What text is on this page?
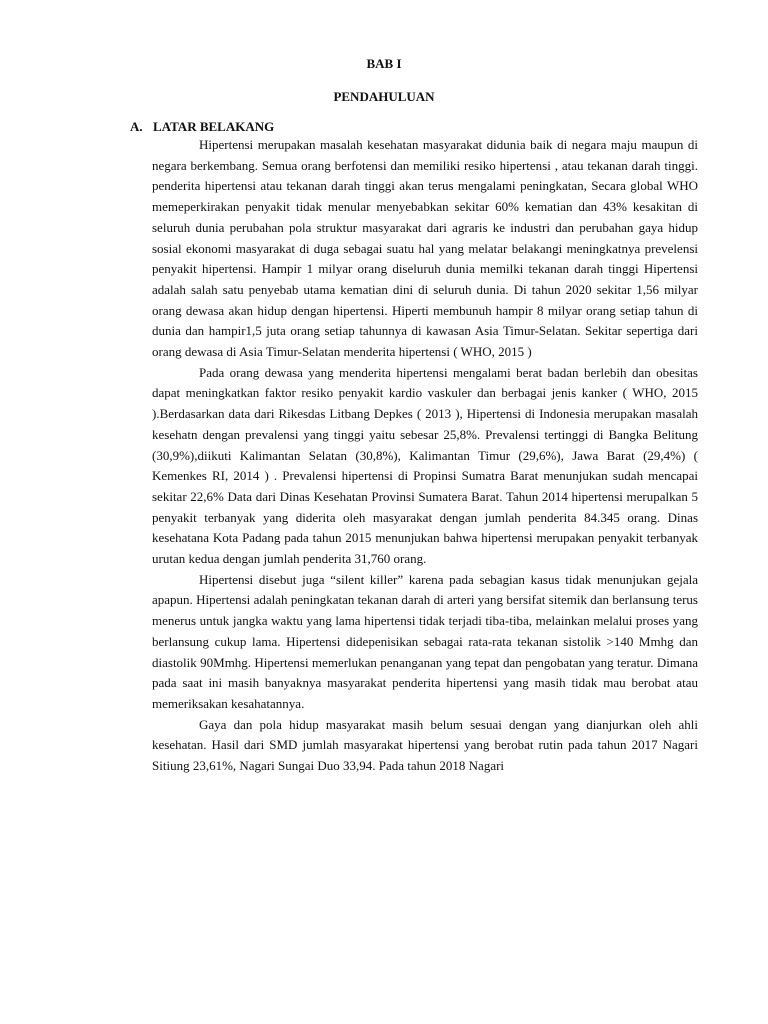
BAB I
PENDAHULUAN
A. LATAR BELAKANG

Hipertensi merupakan masalah kesehatan masyarakat didunia baik di negara maju maupun di negara berkembang. Semua orang berfotensi dan memiliki resiko hipertensi , atau tekanan darah tinggi. penderita hipertensi atau tekanan darah tinggi akan terus mengalami peningkatan, Secara global WHO memeperkirakan penyakit tidak menular menyebabkan sekitar 60% kematian dan 43% kesakitan di seluruh dunia perubahan pola struktur masyarakat dari agraris ke industri dan perubahan gaya hidup sosial ekonomi masyarakat di duga sebagai suatu hal yang melatar belakangi meningkatnya prevelensi penyakit hipertensi. Hampir 1 milyar orang diseluruh dunia memilki tekanan darah tinggi Hipertensi adalah salah satu penyebab utama kematian dini di seluruh dunia. Di tahun 2020 sekitar 1,56 milyar orang dewasa akan hidup dengan hipertensi. Hiperti membunuh hampir 8 milyar orang setiap tahun di dunia dan hampir1,5 juta orang setiap tahunnya di kawasan Asia Timur-Selatan. Sekitar sepertiga dari orang dewasa di Asia Timur-Selatan menderita hipertensi ( WHO, 2015 )

Pada orang dewasa yang menderita hipertensi mengalami berat badan berlebih dan obesitas dapat meningkatkan faktor resiko penyakit kardio vaskuler dan berbagai jenis kanker ( WHO, 2015 ).Berdasarkan data dari Rikesdas Litbang Depkes ( 2013 ), Hipertensi di Indonesia merupakan masalah kesehatn dengan prevalensi yang tinggi yaitu sebesar 25,8%. Prevalensi tertinggi di Bangka Belitung (30,9%),diikuti Kalimantan Selatan (30,8%), Kalimantan Timur (29,6%), Jawa Barat (29,4%) ( Kemenkes RI, 2014 ) . Prevalensi hipertensi di Propinsi Sumatra Barat menunjukan sudah mencapai sekitar 22,6% Data dari Dinas Kesehatan Provinsi Sumatera Barat. Tahun 2014 hipertensi merupalkan 5 penyakit terbanyak yang diderita oleh masyarakat dengan jumlah penderita 84.345 orang. Dinas kesehatana Kota Padang pada tahun 2015 menunjukan bahwa hipertensi merupakan penyakit terbanyak urutan kedua dengan jumlah penderita 31,760 orang.

Hipertensi disebut juga “silent killer” karena pada sebagian kasus tidak menunjukan gejala apapun. Hipertensi adalah peningkatan tekanan darah di arteri yang bersifat sitemik dan berlansung terus menerus untuk jangka waktu yang lama hipertensi tidak terjadi tiba-tiba, melainkan melalui proses yang berlansung cukup lama. Hipertensi didepenisikan sebagai rata-rata tekanan sistolik >140 Mmhg dan diastolik 90Mmhg. Hipertensi memerlukan penanganan yang tepat dan pengobatan yang teratur. Dimana pada saat ini masih banyaknya masyarakat penderita hipertensi yang masih tidak mau berobat atau memeriksakan kesahatannya.

Gaya dan pola hidup masyarakat masih belum sesuai dengan yang dianjurkan oleh ahli kesehatan. Hasil dari SMD jumlah masyarakat hipertensi yang berobat rutin pada tahun 2017 Nagari Sitiung 23,61%, Nagari Sungai Duo 33,94. Pada tahun 2018 Nagari
